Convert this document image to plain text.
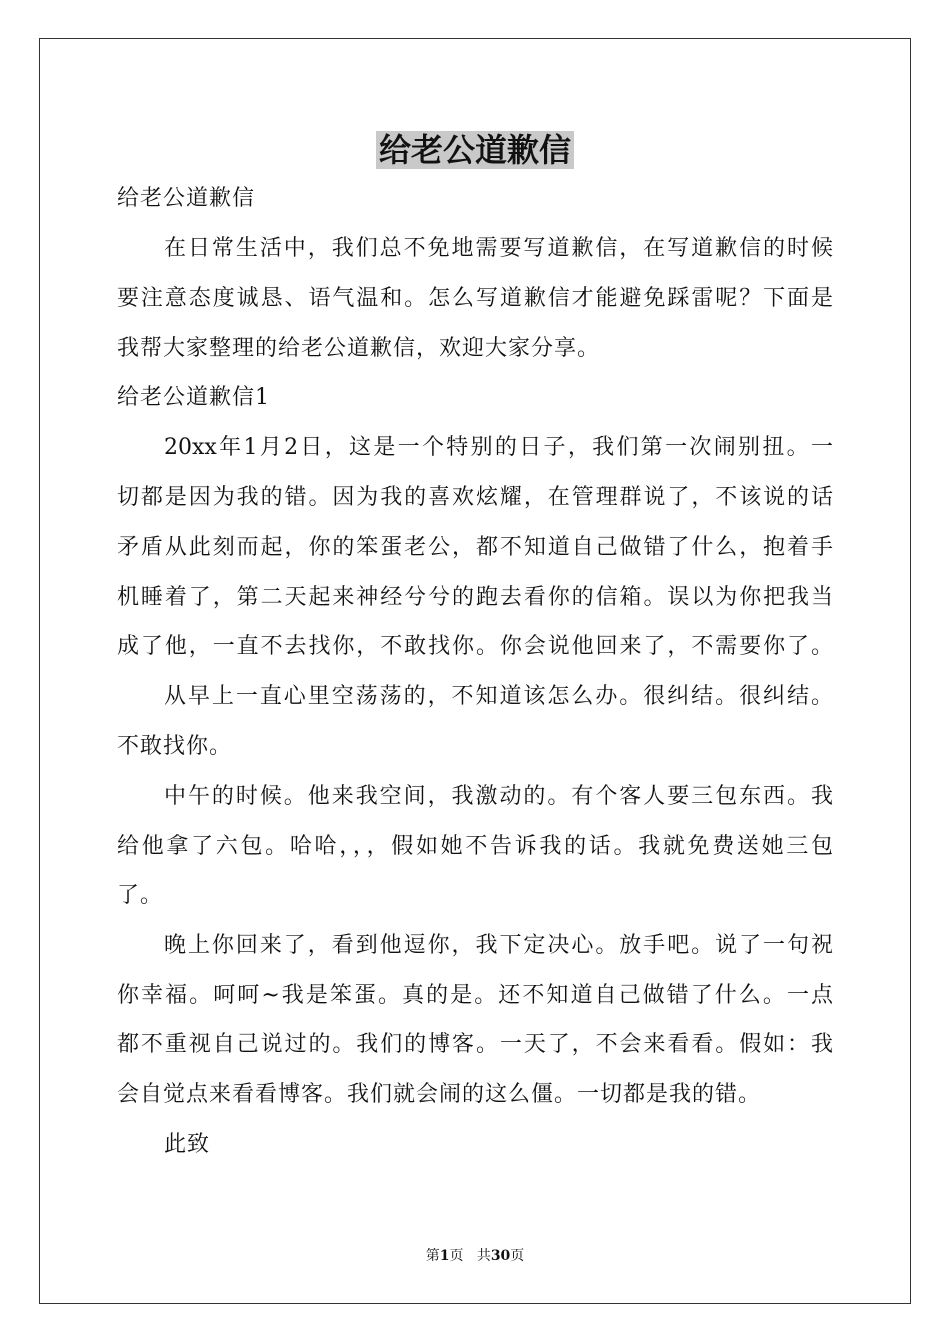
给老公道歉信
给老公道歉信
在日常生活中，我们总不免地需要写道歉信，在写道歉信的时候
要注意态度诚恳、语气温和。怎么写道歉信才能避免踩雷呢？下面是
我帮大家整理的给老公道歉信，欢迎大家分享。
给老公道歉信1
20xx年1月2日，这是一个特别的日子，我们第一次闹别扭。一
切都是因为我的错。因为我的喜欢炫耀，在管理群说了，不该说的话
矛盾从此刻而起，你的笨蛋老公，都不知道自己做错了什么，抱着手
机睡着了，第二天起来神经兮兮的跑去看你的信箱。误以为你把我当
成了他，一直不去找你，不敢找你。你会说他回来了，不需要你了。
从早上一直心里空荡荡的，不知道该怎么办。很纠结。很纠结。
不敢找你。
中午的时候。他来我空间，我激动的。有个客人要三包东西。我
给他拿了六包。哈哈，，，假如她不告诉我的话。我就免费送她三包
了。
晚上你回来了，看到他逗你，我下定决心。放手吧。说了一句祝
你幸福。呵呵~我是笨蛋。真的是。还不知道自己做错了什么。一点
都不重视自己说过的。我们的博客。一天了，不会来看看。假如：我
会自觉点来看看博客。我们就会闹的这么僵。一切都是我的错。
此致
第1页 共30页
